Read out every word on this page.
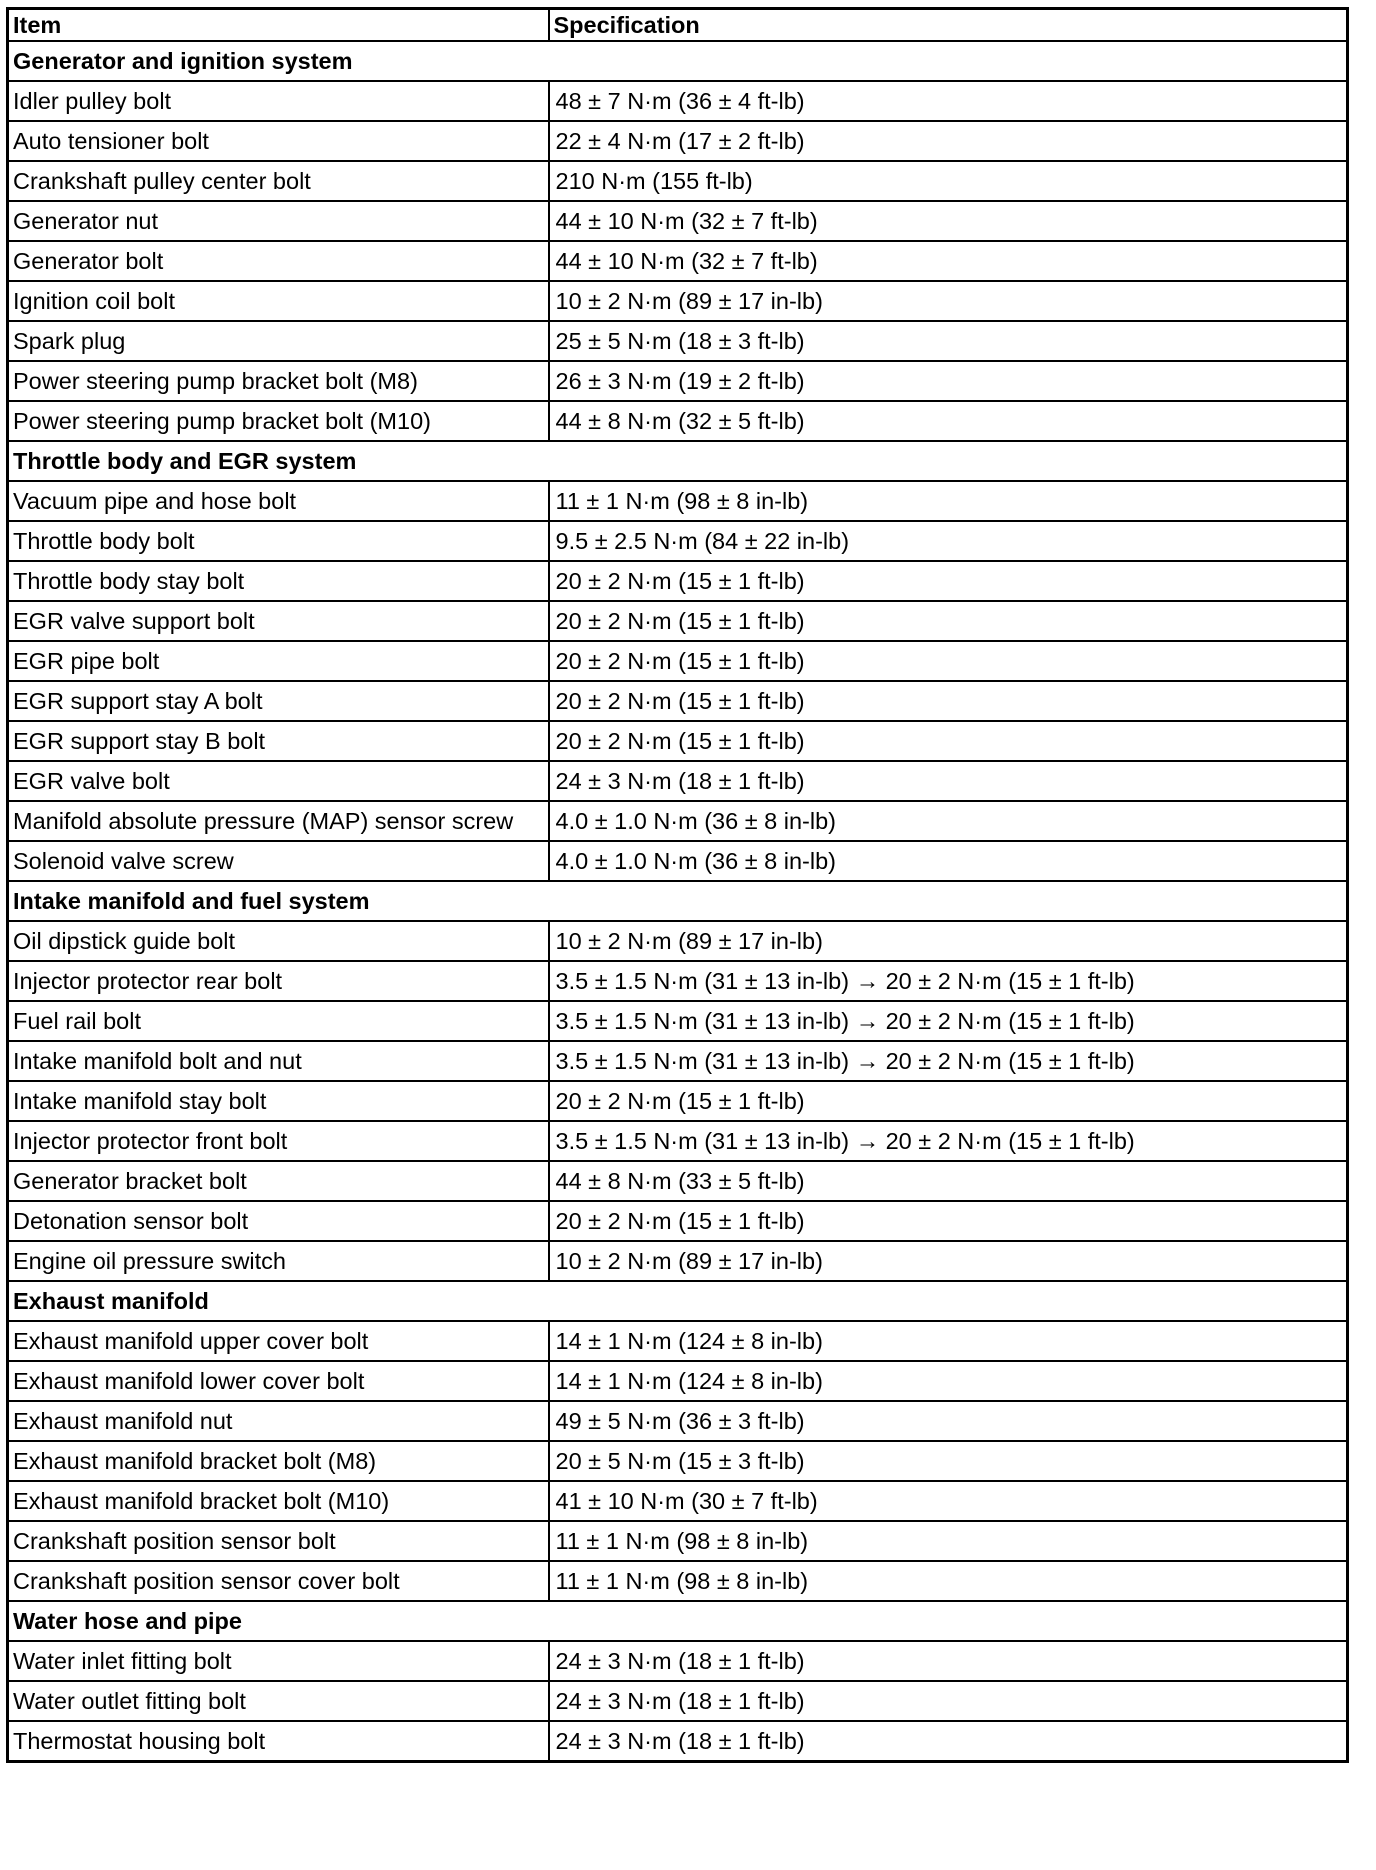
Item	Specification
Generator and ignition system	
Idler pulley bolt	48 ± 7 N·m (36 ± 4 ft-lb)
Auto tensioner bolt	22 ± 4 N·m (17 ± 2 ft-lb)
Crankshaft pulley center bolt	210 N·m (155 ft-lb)
Generator nut	44 ± 10 N·m (32 ± 7 ft-lb)
Generator bolt	44 ± 10 N·m (32 ± 7 ft-lb)
Ignition coil bolt	10 ± 2 N·m (89 ± 17 in-lb)
Spark plug	25 ± 5 N·m (18 ± 3 ft-lb)
Power steering pump bracket bolt (M8)	26 ± 3 N·m (19 ± 2 ft-lb)
Power steering pump bracket bolt (M10)	44 ± 8 N·m (32 ± 5 ft-lb)
Throttle body and EGR system	
Vacuum pipe and hose bolt	11 ± 1 N·m (98 ± 8 in-lb)
Throttle body bolt	9.5 ± 2.5 N·m (84 ± 22 in-lb)
Throttle body stay bolt	20 ± 2 N·m (15 ± 1 ft-lb)
EGR valve support bolt	20 ± 2 N·m (15 ± 1 ft-lb)
EGR pipe bolt	20 ± 2 N·m (15 ± 1 ft-lb)
EGR support stay A bolt	20 ± 2 N·m (15 ± 1 ft-lb)
EGR support stay B bolt	20 ± 2 N·m (15 ± 1 ft-lb)
EGR valve bolt	24 ± 3 N·m (18 ± 1 ft-lb)
Manifold absolute pressure (MAP) sensor screw	4.0 ± 1.0 N·m (36 ± 8 in-lb)
Solenoid valve screw	4.0 ± 1.0 N·m (36 ± 8 in-lb)
Intake manifold and fuel system	
Oil dipstick guide bolt	10 ± 2 N·m (89 ± 17 in-lb)
Injector protector rear bolt	3.5 ± 1.5 N·m (31 ± 13 in-lb) → 20 ± 2 N·m (15 ± 1 ft-lb)
Fuel rail bolt	3.5 ± 1.5 N·m (31 ± 13 in-lb) → 20 ± 2 N·m (15 ± 1 ft-lb)
Intake manifold bolt and nut	3.5 ± 1.5 N·m (31 ± 13 in-lb) → 20 ± 2 N·m (15 ± 1 ft-lb)
Intake manifold stay bolt	20 ± 2 N·m (15 ± 1 ft-lb)
Injector protector front bolt	3.5 ± 1.5 N·m (31 ± 13 in-lb) → 20 ± 2 N·m (15 ± 1 ft-lb)
Generator bracket bolt	44 ± 8 N·m (33 ± 5 ft-lb)
Detonation sensor bolt	20 ± 2 N·m (15 ± 1 ft-lb)
Engine oil pressure switch	10 ± 2 N·m (89 ± 17 in-lb)
Exhaust manifold	
Exhaust manifold upper cover bolt	14 ± 1 N·m (124 ± 8 in-lb)
Exhaust manifold lower cover bolt	14 ± 1 N·m (124 ± 8 in-lb)
Exhaust manifold nut	49 ± 5 N·m (36 ± 3 ft-lb)
Exhaust manifold bracket bolt (M8)	20 ± 5 N·m (15 ± 3 ft-lb)
Exhaust manifold bracket bolt (M10)	41 ± 10 N·m (30 ± 7 ft-lb)
Crankshaft position sensor bolt	11 ± 1 N·m (98 ± 8 in-lb)
Crankshaft position sensor cover bolt	11 ± 1 N·m (98 ± 8 in-lb)
Water hose and pipe	
Water inlet fitting bolt	24 ± 3 N·m (18 ± 1 ft-lb)
Water outlet fitting bolt	24 ± 3 N·m (18 ± 1 ft-lb)
Thermostat housing bolt	24 ± 3 N·m (18 ± 1 ft-lb)
